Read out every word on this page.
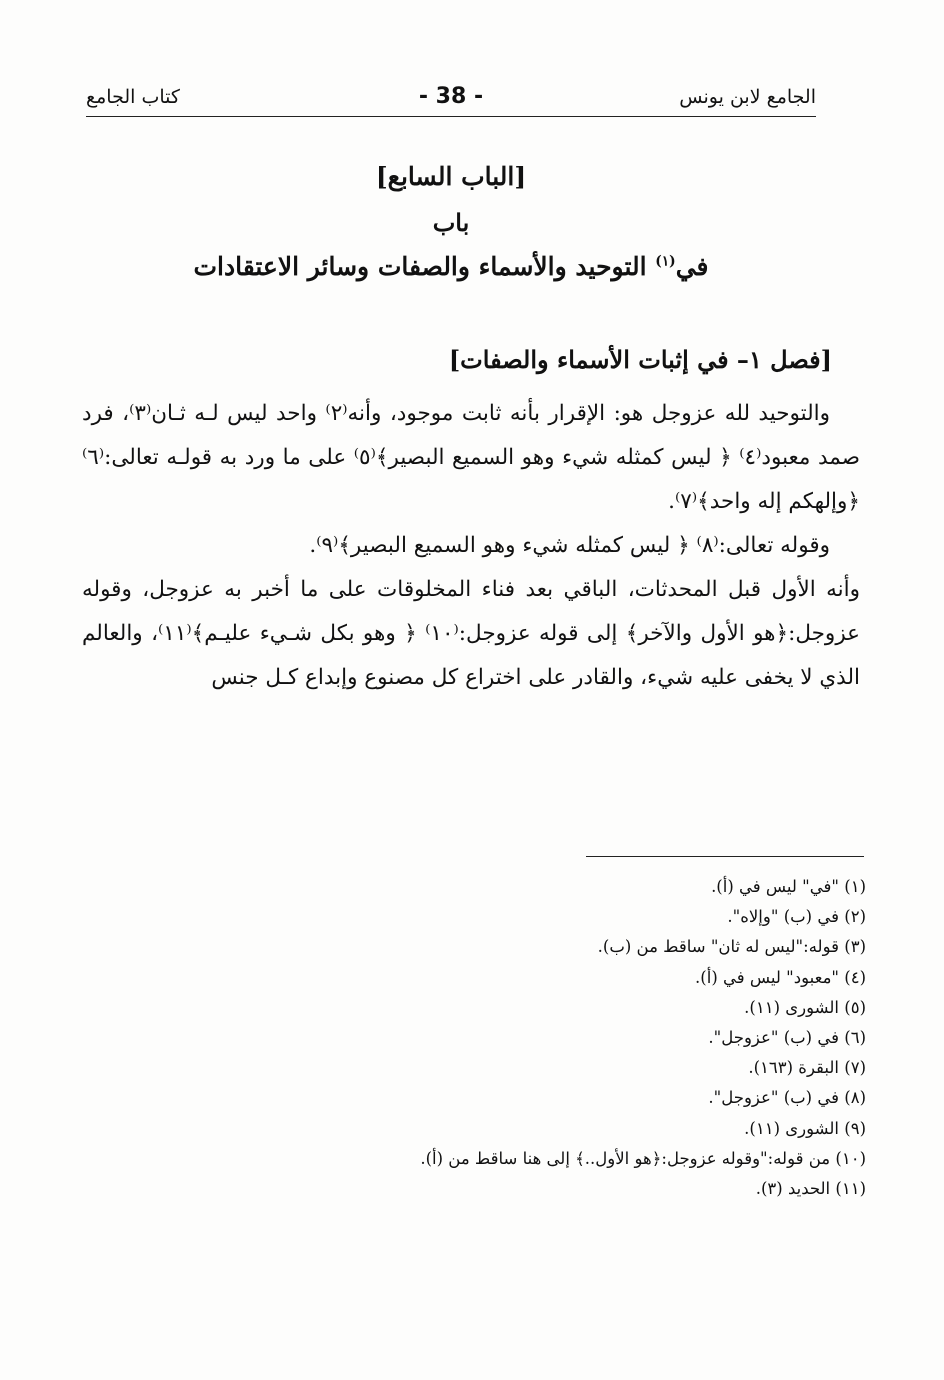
الجامع لابن يونس
- 38 -
كتاب الجامع
[الباب السابع]
باب
في$^{(١)}$ التوحيد والأسماء والصفات وسائر الاعتقادات
[فصل ١– في إثبات الأسماء والصفات]

والتوحيد لله عزوجل هو: الإقرار بأنه ثابت موجود، وأنه⁽٢⁾ واحد ليس لـه ثـان⁽٣⁾، فرد صمد معبود⁽٤⁾ ﴿ ليس كمثله شيء وهو السميع البصير﴾⁽٥⁾ على ما ورد به قولـه تعالى:⁽٦⁾﴿وإلهكم إله واحد﴾⁽٧⁾.

وقوله تعالى:⁽٨⁾ ﴿ ليس كمثله شيء وهو السميع البصير﴾⁽٩⁾.

وأنه الأول قبل المحدثات، الباقي بعد فناء المخلوقات على ما أخبر به عزوجل، وقوله عزوجل:﴿هو الأول والآخر﴾ إلى قوله عزوجل:⁽١٠⁾ ﴿ وهو بكل شـيء عليـم﴾⁽١١⁾، والعالم الذي لا يخفى عليه شيء، والقادر على اختراع كل مصنوع وإبداع كـل جنس

(١) "في" ليس في (أ).
(٢) في (ب) "وإلاه".
(٣) قوله:"ليس له ثان" ساقط من (ب).
(٤) "معبود" ليس في (أ).
(٥) الشورى (١١).
(٦) في (ب) "عزوجل".
(٧) البقرة (١٦٣).
(٨) في (ب) "عزوجل".
(٩) الشورى (١١).
(١٠) من قوله:"وقوله عزوجل:﴿هو الأول..﴾ إلى هنا ساقط من (أ).
(١١) الحديد (٣).
